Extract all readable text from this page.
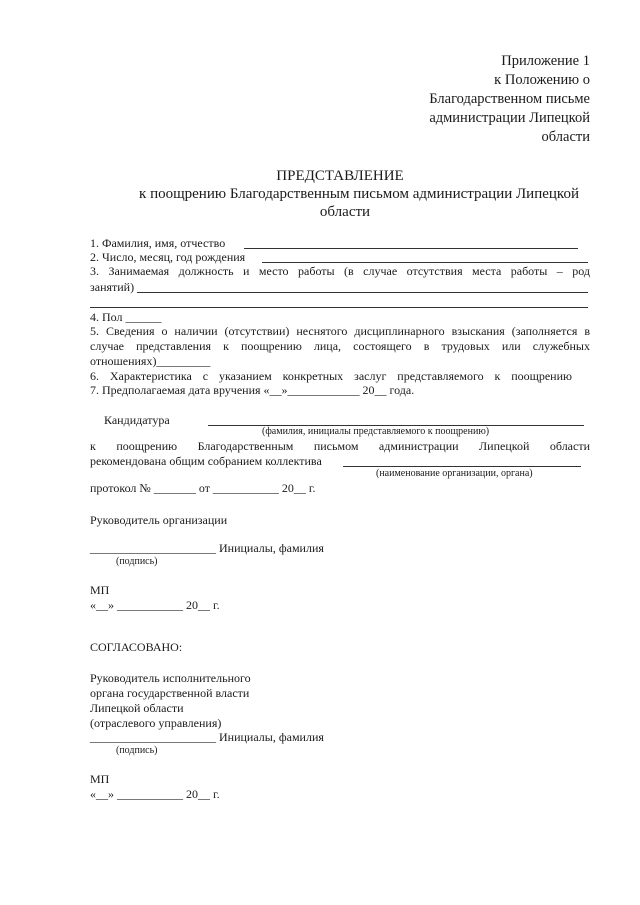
Приложение 1
к Положению о
Благодарственном письме
администрации Липецкой
области
ПРЕДСТАВЛЕНИЕ
к поощрению Благодарственным письмом администрации Липецкой
области
1. Фамилия, имя, отчество
2. Число, месяц, год рождения
3. Занимаемая должность и место работы (в случае отсутствия места работы – род
занятий)
4. Пол ______
5. Сведения о наличии (отсутствии) неснятого дисциплинарного взыскания (заполняется в
случае представления к поощрению лица, состоящего в трудовых или служебных
отношениях)_________
6. Характеристика с указанием конкретных заслуг представляемого к поощрению
7. Предполагаемая дата вручения «__»____________ 20__ года.
Кандидатура
(фамилия, инициалы представляемого к поощрению)
к поощрению Благодарственным письмом администрации Липецкой области
рекомендована общим собранием коллектива
(наименование организации, органа)
протокол № _______ от ___________ 20__ г.
Руководитель организации
_____________________ Инициалы, фамилия
(подпись)
МП
«__» ___________ 20__ г.
СОГЛАСОВАНО:
Руководитель исполнительного
органа государственной власти
Липецкой области
(отраслевого управления)
_____________________ Инициалы, фамилия
(подпись)
МП
«__» ___________ 20__ г.
